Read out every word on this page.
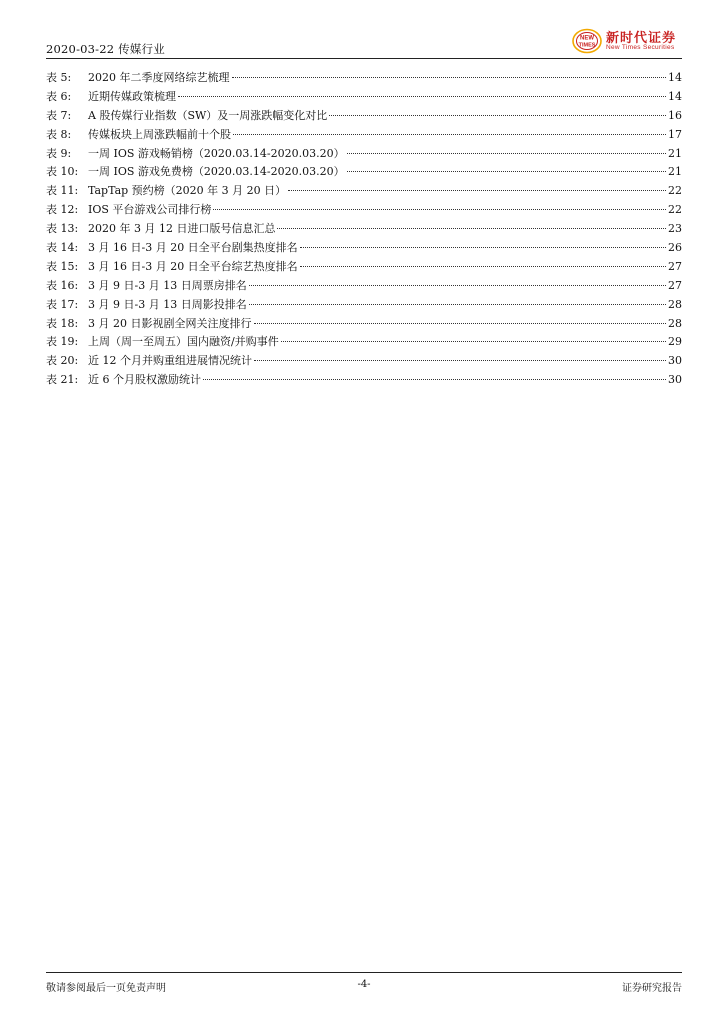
2020-03-22 传媒行业
NEW
TIMES 新时代证券
New Times Securities
表 5:	2020 年二季度网络综艺梳理	14
表 6:	近期传媒政策梳理	14
表 7:	A 股传媒行业指数（SW）及一周涨跌幅变化对比	16
表 8:	传媒板块上周涨跌幅前十个股	17
表 9:	一周 IOS 游戏畅销榜（2020.03.14-2020.03.20）	21
表 10: 一周 IOS 游戏免费榜（2020.03.14-2020.03.20）	21
表 11: TapTap 预约榜（2020 年 3 月 20 日）	22
表 12: IOS 平台游戏公司排行榜	22
表 13: 2020 年 3 月 12 日进口版号信息汇总	23
表 14: 3 月 16 日-3 月 20 日全平台剧集热度排名	26
表 15: 3 月 16 日-3 月 20 日全平台综艺热度排名	27
表 16: 3 月 9 日-3 月 13 日周票房排名	27
表 17: 3 月 9 日-3 月 13 日周影投排名	28
表 18: 3 月 20 日影视剧全网关注度排行	28
表 19: 上周（周一至周五）国内融资/并购事件	29
表 20: 近 12 个月并购重组进展情况统计	30
表 21: 近 6 个月股权激励统计	30
敬请参阅最后一页免责声明	-4-	证券研究报告
